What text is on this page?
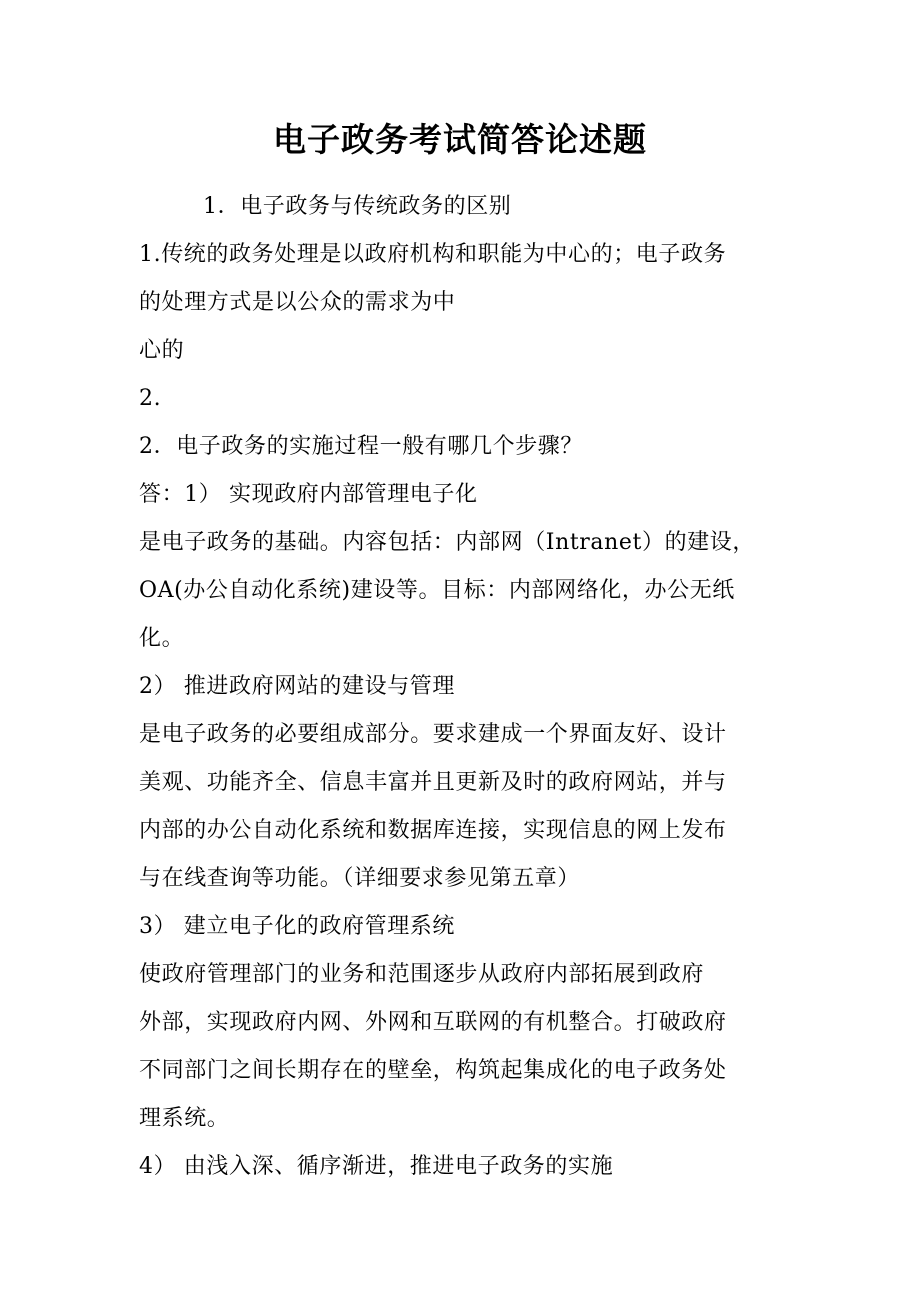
电子政务考试简答论述题
1．电子政务与传统政务的区别
1.传统的政务处理是以政府机构和职能为中心的；电子政务
的处理方式是以公众的需求为中
心的
2.
2．电子政务的实施过程一般有哪几个步骤？
答：1） 实现政府内部管理电子化
是电子政务的基础。内容包括：内部网（Intranet）的建设，
OA(办公自动化系统)建设等。目标：内部网络化，办公无纸
化。
2） 推进政府网站的建设与管理
是电子政务的必要组成部分。要求建成一个界面友好、设计
美观、功能齐全、信息丰富并且更新及时的政府网站，并与
内部的办公自动化系统和数据库连接，实现信息的网上发布
与在线查询等功能。（详细要求参见第五章）
3） 建立电子化的政府管理系统
使政府管理部门的业务和范围逐步从政府内部拓展到政府
外部，实现政府内网、外网和互联网的有机整合。打破政府
不同部门之间长期存在的壁垒，构筑起集成化的电子政务处
理系统。
4） 由浅入深、循序渐进，推进电子政务的实施
